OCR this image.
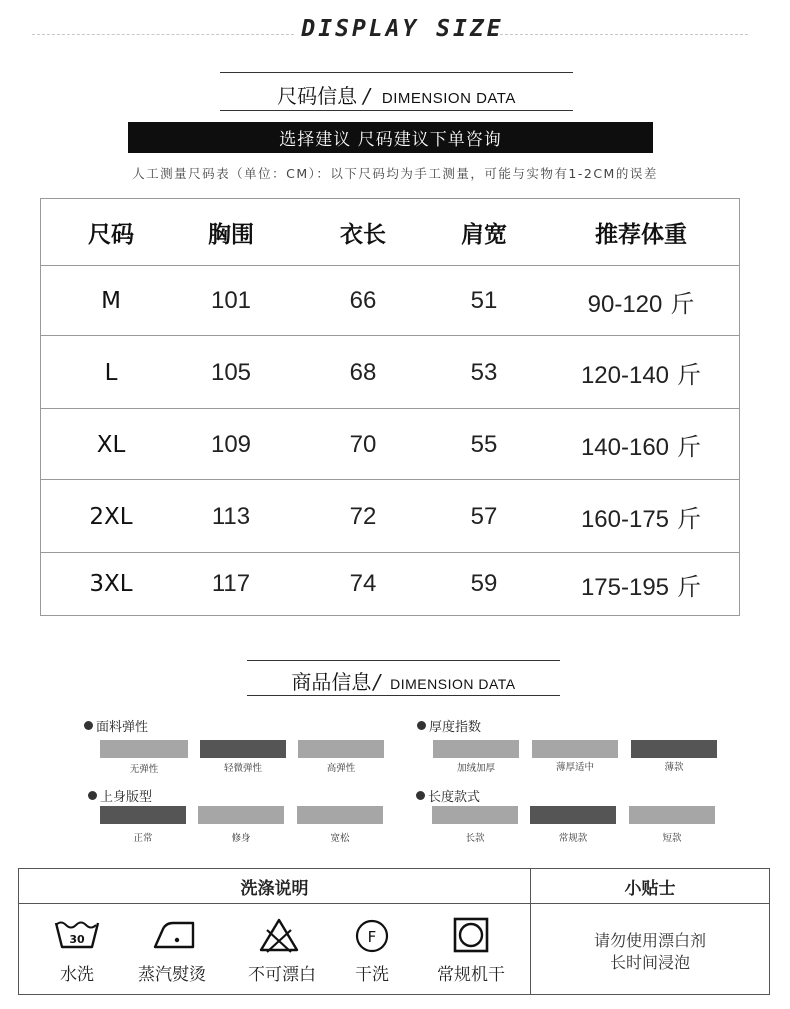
DISPLAY SIZE
尺码信息 / DIMENSION DATA
选择建议 尺码建议下单咨询
人工测量尺码表（单位：CM）：以下尺码均为手工测量，可能与实物有1-2CM的误差
尺码	胸围	衣长	肩宽	推荐体重
M	101	66	51	90-120 斤
L	105	68	53	120-140 斤
XL	109	70	55	140-160 斤
2XL	113	72	57	160-175 斤
3XL	117	74	59	175-195 斤
商品信息 / DIMENSION DATA
面料弹性
无弹性	轻微弹性	高弹性
厚度指数
加绒加厚	薄厚适中	薄款
上身版型
正常	修身	宽松
长度款式
长款	常规款	短款
洗涤说明	小贴士
30
水洗	蒸汽熨烫	不可漂白
F
干洗	常规机干
请勿使用漂白剂
长时间浸泡
